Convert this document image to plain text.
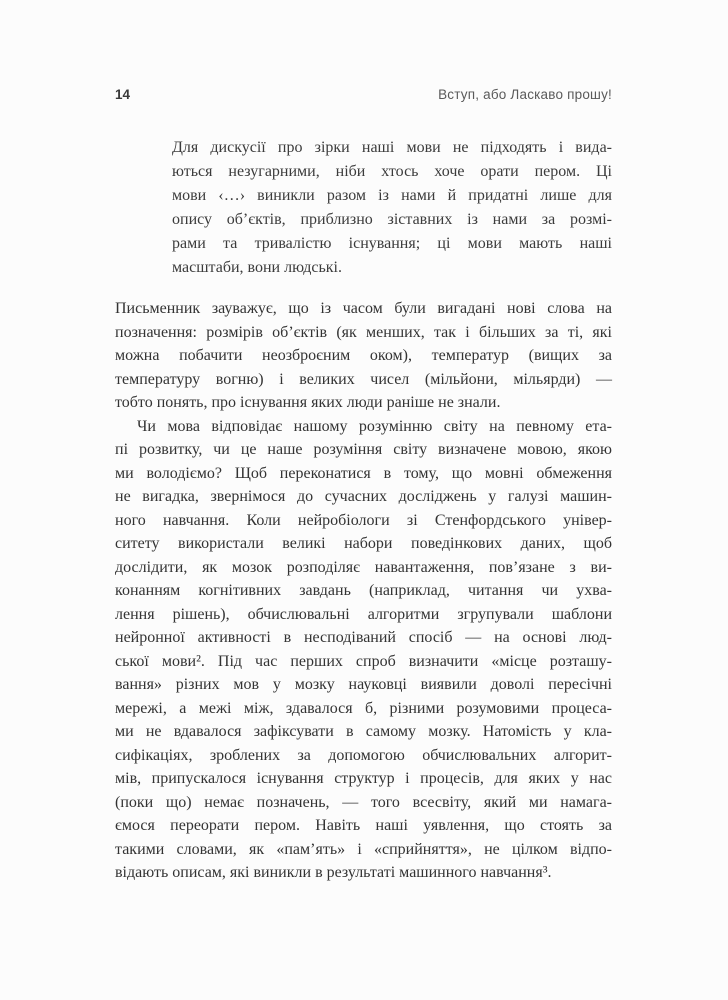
14	Вступ, або Ласкаво прошу!
Для дискусії про зірки наші мови не підходять і вида-
ються незугарними, ніби хтось хоче орати пером. Ці
мови ‹…› виникли разом із нами й придатні лише для
опису об’єктів, приблизно зіставних із нами за розмі-
рами та тривалістю існування; ці мови мають наші
масштаби, вони людські.
Письменник зауважує, що із часом були вигадані нові слова на
позначення: розмірів об’єктів (як менших, так і більших за ті, які
можна побачити неозброєним оком), температур (вищих за
температуру вогню) і великих чисел (мільйони, мільярди) —
тобто понять, про існування яких люди раніше не знали.
Чи мова відповідає нашому розумінню світу на певному ета-
пі розвитку, чи це наше розуміння світу визначене мовою, якою
ми володіємо? Щоб переконатися в тому, що мовні обмеження
не вигадка, звернімося до сучасних досліджень у галузі машин-
ного навчання. Коли нейробіологи зі Стенфордського універ-
ситету використали великі набори поведінкових даних, щоб
дослідити, як мозок розподіляє навантаження, пов’язане з ви-
конанням когнітивних завдань (наприклад, читання чи ухва-
лення рішень), обчислювальні алгоритми згрупували шаблони
нейронної активності в несподіваний спосіб — на основі люд-
ської мови². Під час перших спроб визначити «місце розташу-
вання» різних мов у мозку науковці виявили доволі пересічні
мережі, а межі між, здавалося б, різними розумовими процеса-
ми не вдавалося зафіксувати в самому мозку. Натомість у кла-
сифікаціях, зроблених за допомогою обчислювальних алгорит-
мів, припускалося існування структур і процесів, для яких у нас
(поки що) немає позначень, — того всесвіту, який ми намага-
ємося переорати пером. Навіть наші уявлення, що стоять за
такими словами, як «пам’ять» і «сприйняття», не цілком відпо-
відають описам, які виникли в результаті машинного навчання³.
